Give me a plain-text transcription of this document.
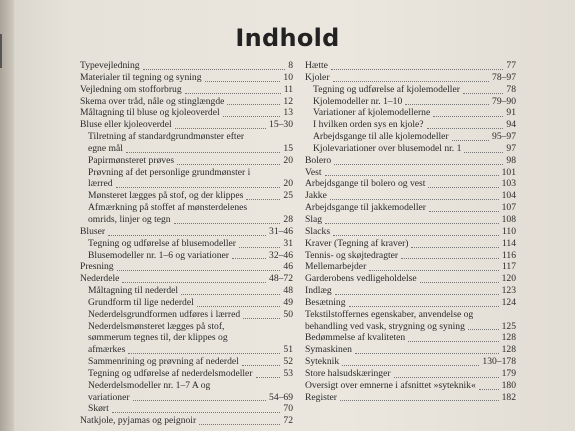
Indhold
Typevejledning	8
Materialer til tegning og syning	10
Vejledning om stofforbrug	11
Skema over tråd, nåle og stinglængde	12
Måltagning til bluse og kjoleoverdel	13
Bluse eller kjoleoverdel	15–30
Tilretning af standardgrundmønster efter egne mål	15
Papirmønsteret prøves	20
Prøvning af det personlige grundmønster i lærred	20
Mønsteret lægges på stof, og der klippes	25
Afmærkning på stoffet af mønsterdelenes omrids, linjer og tegn	28
Bluser	31–46
Tegning og udførelse af blusemodeller	31
Blusemodeller nr. 1–6 og variationer	32–46
Presning	46
Nederdele	48–72
Måltagning til nederdel	48
Grundform til lige nederdel	49
Nederdelsgrundformen udføres i lærred	50
Nederdelsmønsteret lægges på stof, sømmerum tegnes til, der klippes og afmærkes	51
Sammenrining og prøvning af nederdel	52
Tegning og udførelse af nederdelsmodeller	53
Nederdelsmodeller nr. 1–7 A og variationer	54–69
Skørt	70
Natkjole, pyjamas og peignoir	72
Hætte	77
Kjoler	78–97
Tegning og udførelse af kjolemodeller	78
Kjolemodeller nr. 1–10	79–90
Variationer af kjolemodellerne	91
I hvilken orden sys en kjole?	94
Arbejdsgange til alle kjolemodeller	95–97
Kjolevariationer over blusemodel nr. 1	97
Bolero	98
Vest	101
Arbejdsgange til bolero og vest	103
Jakke	104
Arbejdsgange til jakkemodeller	107
Slag	108
Slacks	110
Kraver (Tegning af kraver)	114
Tennis- og skøjtedragter	116
Mellemarbejder	117
Garderobens vedligeholdelse	120
Indlæg	123
Besætning	124
Tekstilstoffernes egenskaber, anvendelse og behandling ved vask, strygning og syning	125
Bedømmelse af kvaliteten	128
Symaskinen	128
Syteknik	130–178
Store halsudskæringer	179
Oversigt over emnerne i afsnittet »syteknik«	180
Register	182
